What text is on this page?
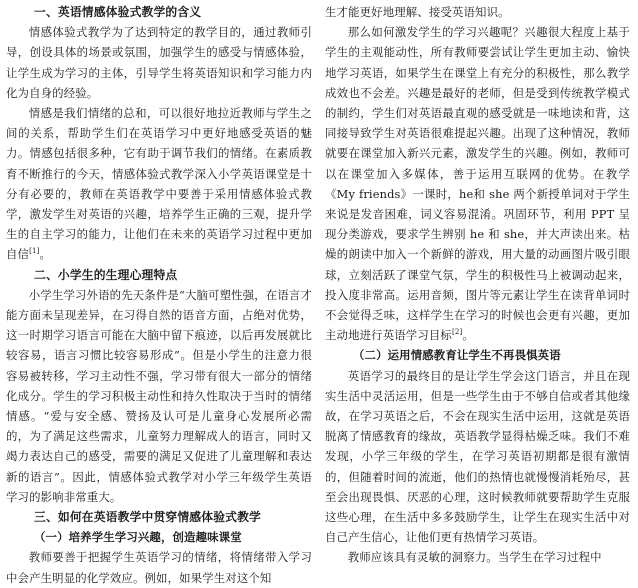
一、英语情感体验式教学的含义

情感体验式教学为了达到特定的教学目的，通过教师引导，创设具体的场景或氛围，加强学生的感受与情感体验，让学生成为学习的主体，引导学生将英语知识和学习能力内化为自身的经验。

情感是我们情绪的总和，可以很好地拉近教师与学生之间的关系，帮助学生们在英语学习中更好地感受英语的魅力。情感包括很多种，它有助于调节我们的情绪。在素质教育不断推行的今天，情感体验式教学深入小学英语课堂是十分有必要的，教师在英语教学中要善于采用情感体验式教学，激发学生对英语的兴趣，培养学生正确的三观，提升学生的自主学习的能力，让他们在未来的英语学习过程中更加自信[1]。

二、小学生的生理心理特点

小学生学习外语的先天条件是“大脑可塑性强，在语言才能方面未呈现差异，在习得自然的语音方面，占绝对优势，这一时期学习语言可能在大脑中留下痕迹，以后再发展就比较容易，语言习惯比较容易形成”。但是小学生的注意力很容易被转移，学习主动性不强，学习带有很大一部分的情绪化成分。学生的学习积极主动性和持久性取决于当时的情绪情感。“爱与安全感、赞扬及认可是儿童身心发展所必需的，为了满足这些需求，儿童努力理解成人的语言，同时又竭力表达自己的感受，需要的满足又促进了儿童理解和表达新的语言”。因此，情感体验式教学对小学三年级学生英语学习的影响非常重大。

三、如何在英语教学中贯穿情感体验式教学

（一）培养学生学习兴趣，创造趣味课堂

教师要善于把握学生英语学习的情绪，将情绪带入学习中会产生明显的化学效应。例如，如果学生对这个知

生才能更好地理解、接受英语知识。

那么如何激发学生的学习兴趣呢？兴趣很大程度上基于学生的主观能动性，所有教师要尝试让学生更加主动、愉快地学习英语，如果学生在课堂上有充分的积极性，那么教学成效也不会差。兴趣是最好的老师，但是受到传统教学模式的制约，学生们对英语最直观的感受就是一味地读和背，这同接导致学生对英语很难提起兴趣。出现了这种情况，教师就要在课堂加入新兴元素，激发学生的兴趣。例如，教师可以在课堂加入多媒体，善于运用互联网的优势。在教学《My friends》一课时，he和 she 两个新授单词对于学生来说是发音困难，词义容易混淆。巩固环节，利用 PPT 呈现分类游戏，要求学生辨别 he 和 she，并大声读出来。枯燥的朗读中加入一个新鲜的游戏，用大量的动画图片吸引眼球，立刻活跃了课堂气氛，学生的积极性马上被调动起来，投入度非常高。运用音频，图片等元素让学生在读背单词时不会觉得乏味，这样学生在学习的时候也会更有兴趣，更加主动地进行英语学习目标[2]。

（二）运用情感教育让学生不再畏惧英语

英语学习的最终目的是让学生学会这门语言，并且在现实生活中灵活运用，但是一些学生由于不够自信或者其他缘故，在学习英语之后，不会在现实生活中运用，这就是英语脱离了情感教育的缘故，英语教学显得枯燥乏味。我们不难发现，小学三年级的学生，在学习英语初期都是很有激情的，但随着时间的流逝，他们的热情也就慢慢消耗殆尽，甚至会出现畏惧、厌恶的心理，这时候教师就要帮助学生克服这些心理，在生活中多多鼓励学生，让学生在现实生活中对自己产生信心，让他们更有热情学习英语。

教师应该具有灵敏的洞察力。当学生在学习过程中
